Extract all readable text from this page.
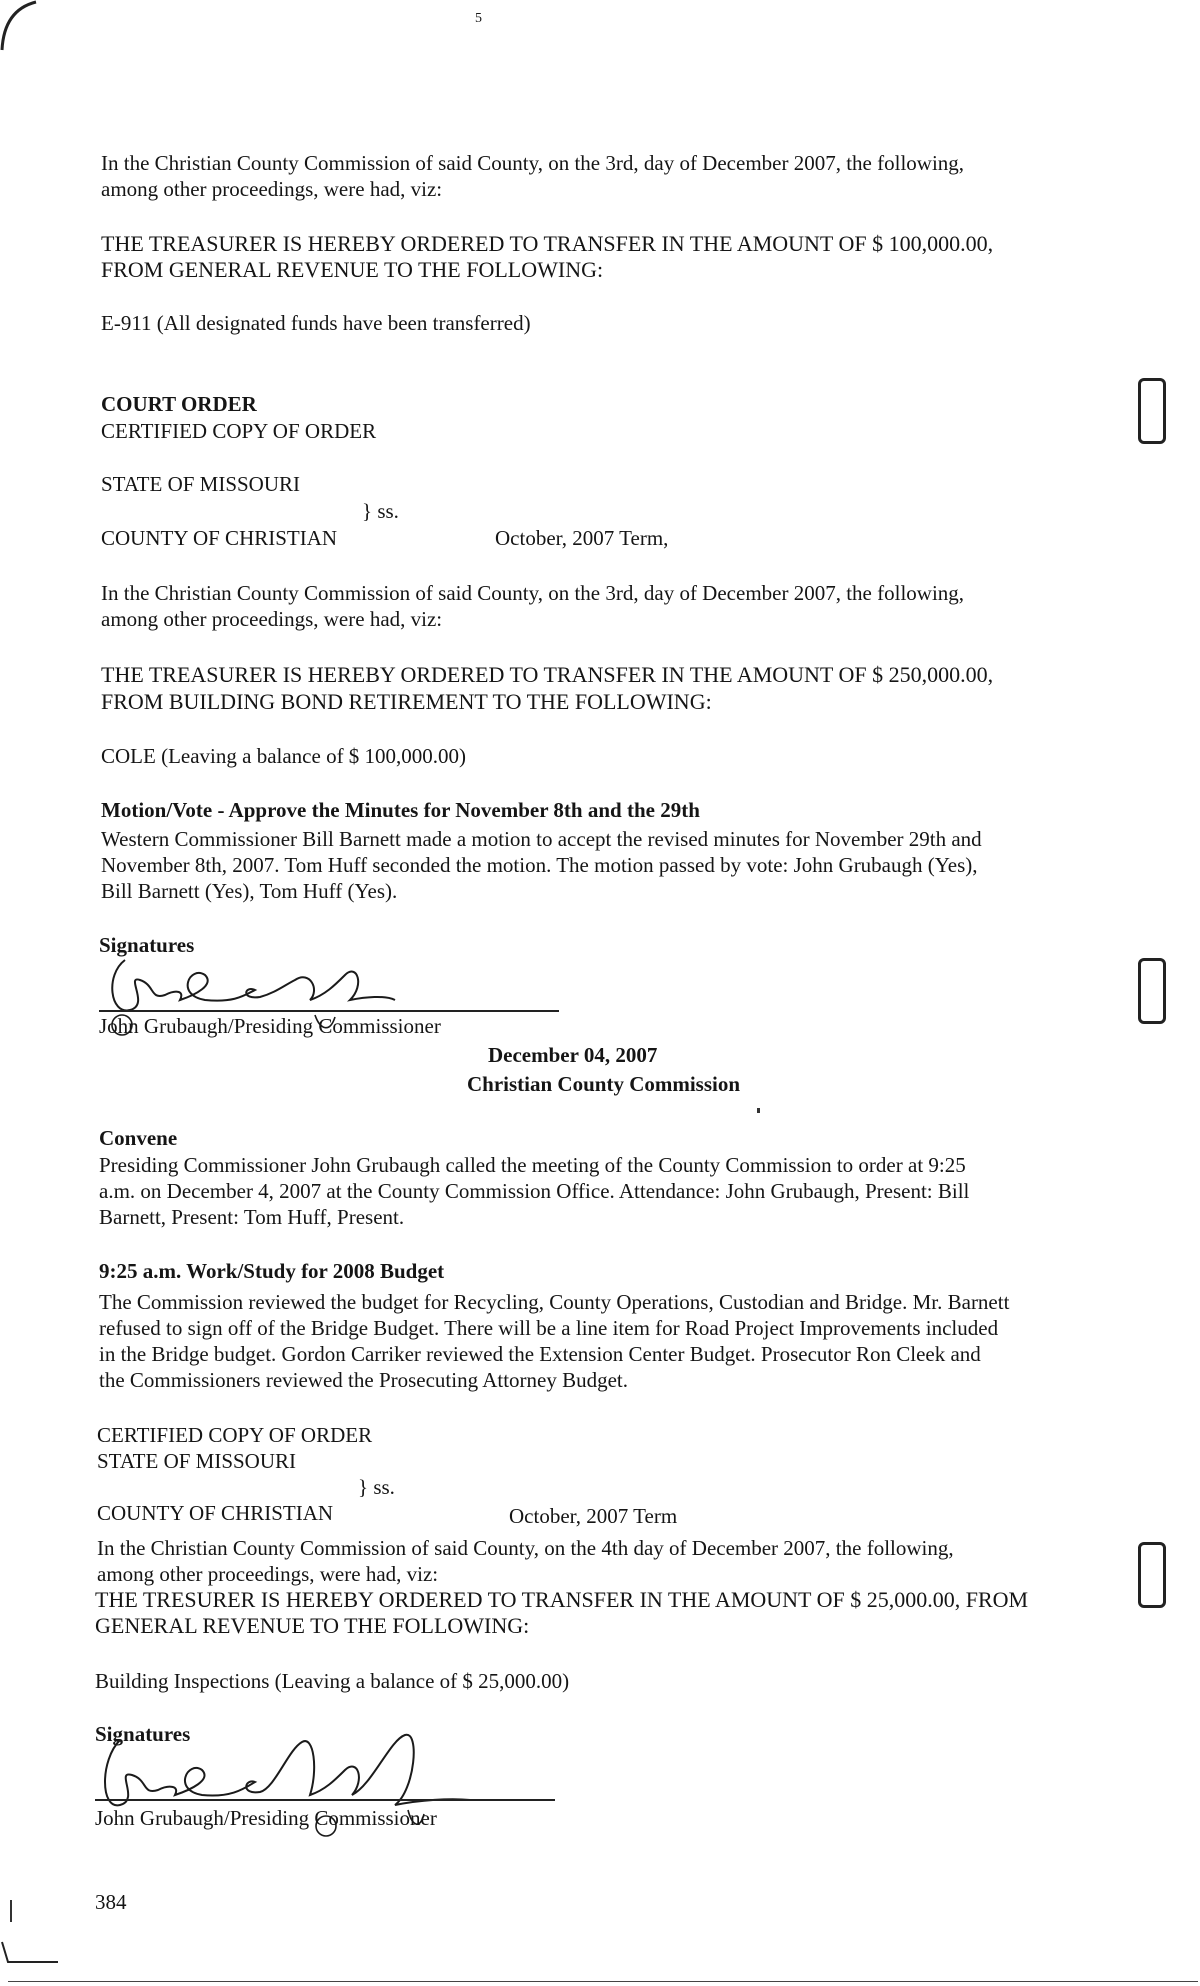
5

In the Christian County Commission of said County, on the 3rd, day of December 2007, the following,

among other proceedings, were had, viz:

THE TREASURER IS HEREBY ORDERED TO TRANSFER IN THE AMOUNT OF $ 100,000.00,

FROM GENERAL REVENUE TO THE FOLLOWING:

E-911 (All designated funds have been transferred)

COURT ORDER

CERTIFIED COPY OF ORDER

STATE OF MISSOURI

} ss.

COUNTY OF CHRISTIAN	October, 2007 Term,

In the Christian County Commission of said County, on the 3rd, day of December 2007, the following,

among other proceedings, were had, viz:

THE TREASURER IS HEREBY ORDERED TO TRANSFER IN THE AMOUNT OF $ 250,000.00,

FROM BUILDING BOND RETIREMENT TO THE FOLLOWING:

COLE (Leaving a balance of $ 100,000.00)

Motion/Vote - Approve the Minutes for November 8th and the 29th

Western Commissioner Bill Barnett made a motion to accept the revised minutes for November 29th and

November 8th, 2007. Tom Huff seconded the motion. The motion passed by vote: John Grubaugh (Yes),

Bill Barnett (Yes), Tom Huff (Yes).

Signatures

John Grubaugh/Presiding Commissioner

December 04, 2007

Christian County Commission

Convene

Presiding Commissioner John Grubaugh called the meeting of the County Commission to order at 9:25

a.m. on December 4, 2007 at the County Commission Office. Attendance: John Grubaugh, Present: Bill

Barnett, Present: Tom Huff, Present.

9:25 a.m. Work/Study for 2008 Budget

The Commission reviewed the budget for Recycling, County Operations, Custodian and Bridge. Mr. Barnett

refused to sign off of the Bridge Budget. There will be a line item for Road Project Improvements included

in the Bridge budget. Gordon Carriker reviewed the Extension Center Budget. Prosecutor Ron Cleek and

the Commissioners reviewed the Prosecuting Attorney Budget.

CERTIFIED COPY OF ORDER

STATE OF MISSOURI

} ss.

COUNTY OF CHRISTIAN	October, 2007 Term

In the Christian County Commission of said County, on the 4th day of December 2007, the following,

among other proceedings, were had, viz:

THE TRESURER IS HEREBY ORDERED TO TRANSFER IN THE AMOUNT OF $ 25,000.00, FROM

GENERAL REVENUE TO THE FOLLOWING:

Building Inspections (Leaving a balance of $ 25,000.00)

Signatures

John Grubaugh/Presiding Commissioner

384
